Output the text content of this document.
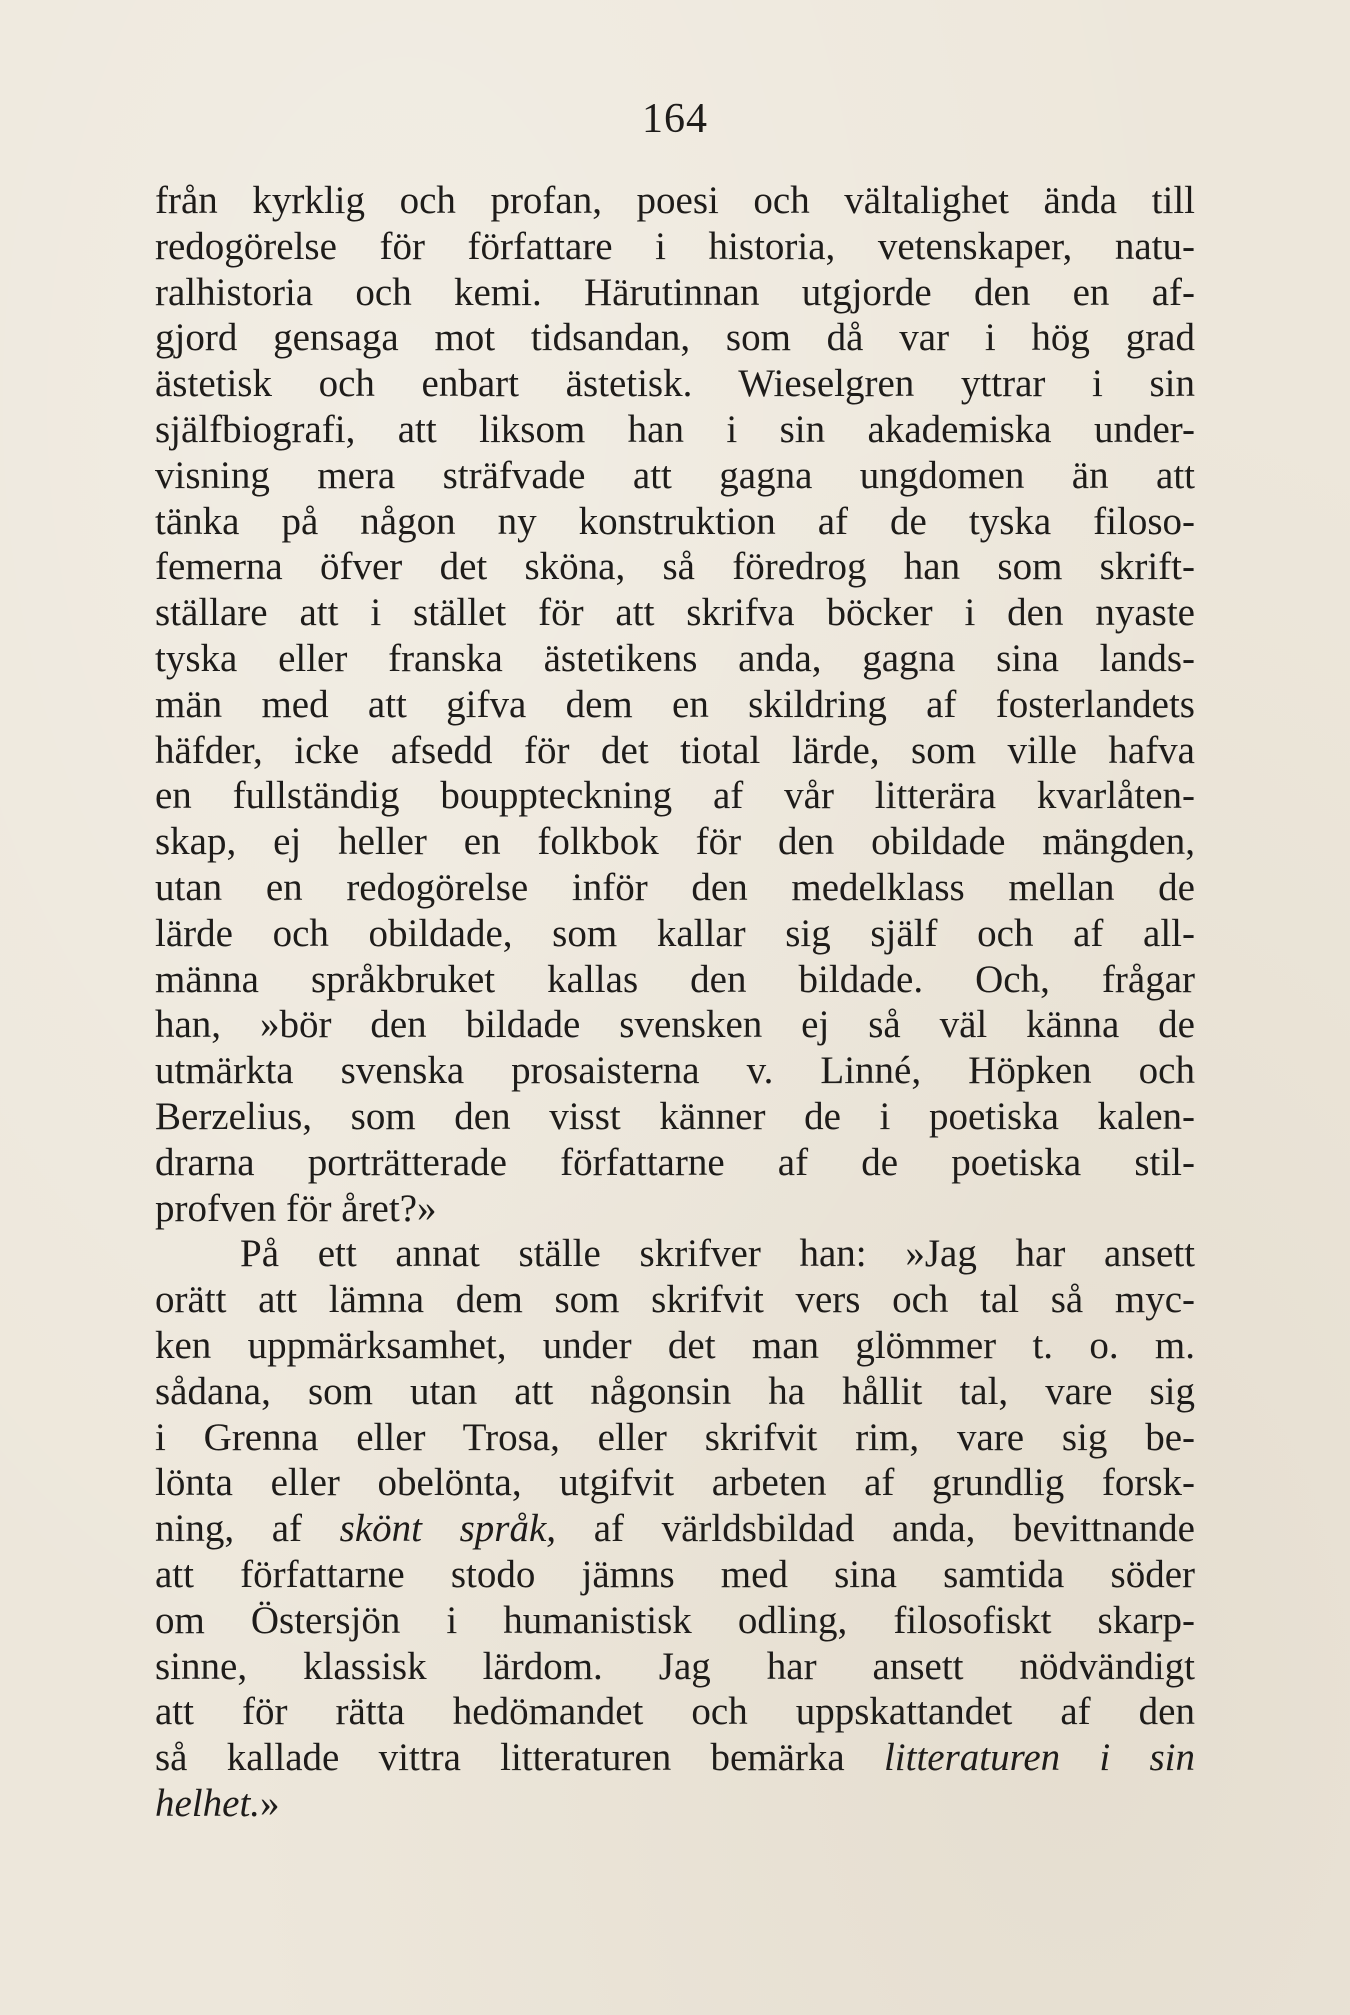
164
från kyrklig och profan, poesi och vältalighet ända till
redogörelse för författare i historia, vetenskaper, natu-
ralhistoria och kemi. Härutinnan utgjorde den en af-
gjord gensaga mot tidsandan, som då var i hög grad
ästetisk och enbart ästetisk. Wieselgren yttrar i sin
själfbiografi, att liksom han i sin akademiska under-
visning mera sträfvade att gagna ungdomen än att
tänka på någon ny konstruktion af de tyska filoso-
femerna öfver det sköna, så föredrog han som skrift-
ställare att i stället för att skrifva böcker i den nyaste
tyska eller franska ästetikens anda, gagna sina lands-
män med att gifva dem en skildring af fosterlandets
häfder, icke afsedd för det tiotal lärde, som ville hafva
en fullständig bouppteckning af vår litterära kvarlåten-
skap, ej heller en folkbok för den obildade mängden,
utan en redogörelse inför den medelklass mellan de
lärde och obildade, som kallar sig själf och af all-
männa språkbruket kallas den bildade. Och, frågar
han, »bör den bildade svensken ej så väl känna de
utmärkta svenska prosaisterna v. Linné, Höpken och
Berzelius, som den visst känner de i poetiska kalen-
drarna porträtterade författarne af de poetiska stil-
profven för året?»
På ett annat ställe skrifver han: »Jag har ansett
orätt att lämna dem som skrifvit vers och tal så myc-
ken uppmärksamhet, under det man glömmer t. o. m.
sådana, som utan att någonsin ha hållit tal, vare sig
i Grenna eller Trosa, eller skrifvit rim, vare sig be-
lönta eller obelönta, utgifvit arbeten af grundlig forsk-
ning, af skönt språk, af världsbildad anda, bevittnande
att författarne stodo jämns med sina samtida söder
om Östersjön i humanistisk odling, filosofiskt skarp-
sinne, klassisk lärdom. Jag har ansett nödvändigt
att för rätta hedömandet och uppskattandet af den
så kallade vittra litteraturen bemärka litteraturen i sin
helhet.»
